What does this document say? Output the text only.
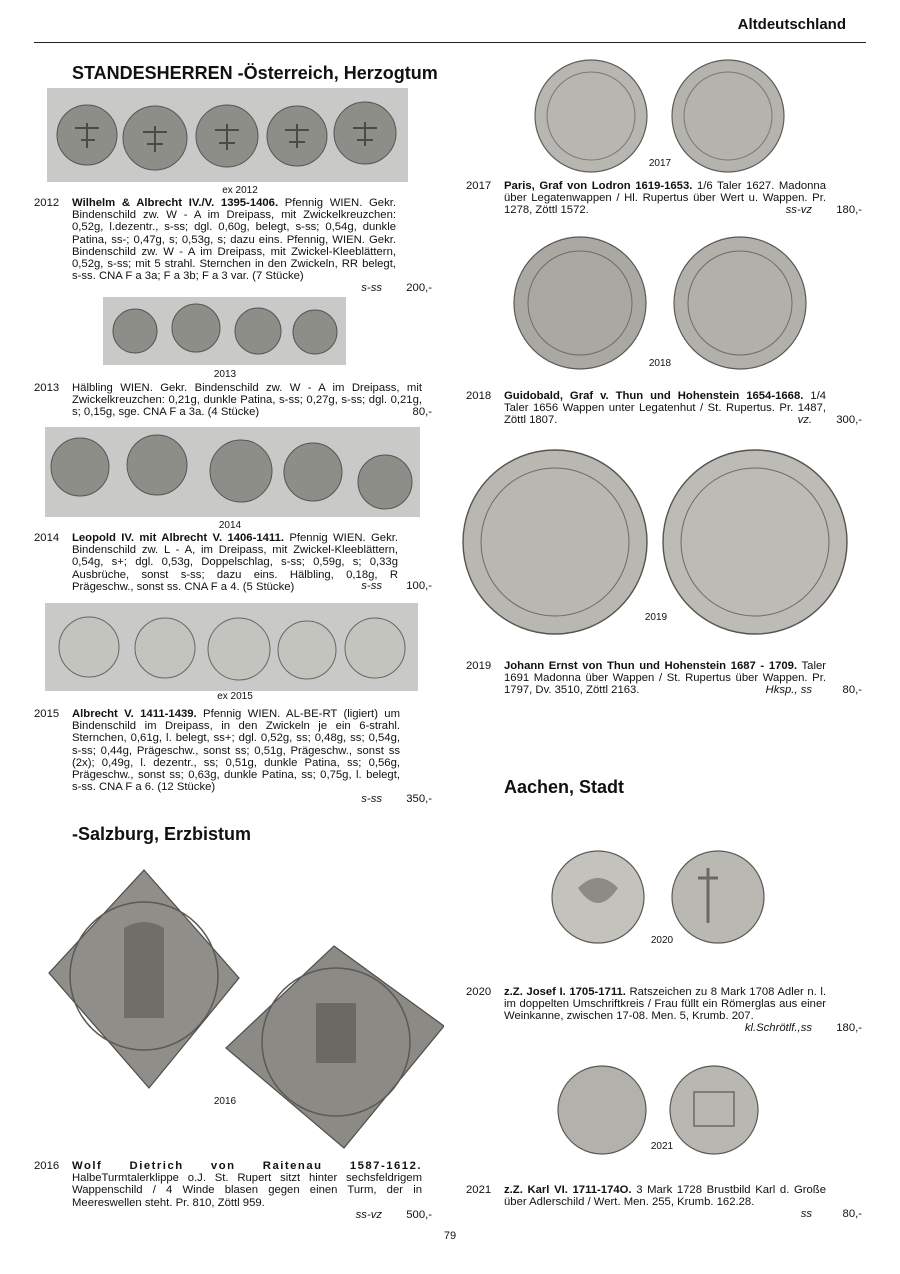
Altdeutschland
STANDESHERREN -Österreich, Herzogtum
-Salzburg, Erzbistum
Aachen, Stadt
ex 2012
2012 Wilhelm & Albrecht IV./V. 1395-1406. Pfennig WIEN. Gekr. Bindenschild zw. W - A im Dreipass, mit Zwickelkreuzchen: 0,52g, l.dezentr., s-ss; dgl. 0,60g, belegt, s-ss; 0,54g, dunkle Patina, ss-; 0,47g, s; 0,53g, s; dazu eins. Pfennig, WIEN. Gekr. Bindenschild zw. W - A im Dreipass, mit Zwickel-Kleeblättern, 0,52g, s-ss; mit 5 strahl. Sternchen in den Zwickeln, RR belegt, s-ss. CNA F a 3a; F a 3b; F a 3 var. (7 Stücke)
s-ss 200,-
2013
2013 Hälbling WIEN. Gekr. Bindenschild zw. W - A im Dreipass, mit Zwickelkreuzchen: 0,21g, dunkle Patina, s-ss; 0,27g, s-ss; dgl. 0,21g, s; 0,15g, sge. CNA F a 3a. (4 Stücke)	80,-
2014
2014 Leopold IV. mit Albrecht V. 1406-1411. Pfennig WIEN. Gekr. Bindenschild zw. L - A, im Dreipass, mit Zwickel-Kleeblättern, 0,54g, s+; dgl. 0,53g, Doppelschlag, s-ss; 0,59g, s; 0,33g Ausbrüche, sonst s-ss; dazu eins. Hälbling, 0,18g, R Prägeschw., sonst ss. CNA F a 4. (5 Stücke)	s-ss 100,-
ex 2015
2015 Albrecht V. 1411-1439. Pfennig WIEN. AL-BE-RT (ligiert) um Bindenschild im Dreipass, in den Zwickeln je ein 6-strahl. Sternchen, 0,61g, l. belegt, ss+; dgl. 0,52g, ss; 0,48g, ss; 0,54g, s-ss; 0,44g, Prägeschw., sonst ss; 0,51g, Prägeschw., sonst ss (2x); 0,49g, l. dezentr., ss; 0,51g, dunkle Patina, ss; 0,56g, Prägeschw., sonst ss; 0,63g, dunkle Patina, ss; 0,75g, l. belegt, s-ss. CNA F a 6. (12 Stücke)
s-ss 350,-
2016
2016 Wolf Dietrich von Raitenau 1587-1612. HalbeTurmtalerklippe o.J. St. Rupert sitzt hinter sechsfeldrigem Wappenschild / 4 Winde blasen gegen einen Turm, der in Meereswellen steht. Pr. 810, Zöttl 959.
ss-vz 500,-
2017
2017 Paris, Graf von Lodron 1619-1653. 1/6 Taler 1627. Madonna über Legatenwappen / Hl. Rupertus über Wert u. Wappen. Pr. 1278, Zöttl 1572.	ss-vz 180,-
2018
2018 Guidobald, Graf v. Thun und Hohenstein 1654-1668. 1/4 Taler 1656 Wappen unter Legatenhut / St. Rupertus. Pr. 1487, Zöttl 1807.	vz. 300,-
2019
2019 Johann Ernst von Thun und Hohenstein 1687 - 1709. Taler 1691 Madonna über Wappen / St. Rupertus über Wappen. Pr. 1797, Dv. 3510, Zöttl 2163.	Hksp., ss	80,-
2020
2020 z.Z. Josef I. 1705-1711. Ratszeichen zu 8 Mark 1708 Adler n. l. im doppelten Umschriftkreis / Frau füllt ein Römerglas aus einer Weinkanne, zwischen 17-08. Men. 5, Krumb. 207.
kl.Schrötlf.,ss 180,-
2021
2021 z.Z. Karl VI. 1711-174O. 3 Mark 1728 Brustbild Karl d. Große über Adlerschild / Wert. Men. 255, Krumb. 162.28.
ss	80,-
79
